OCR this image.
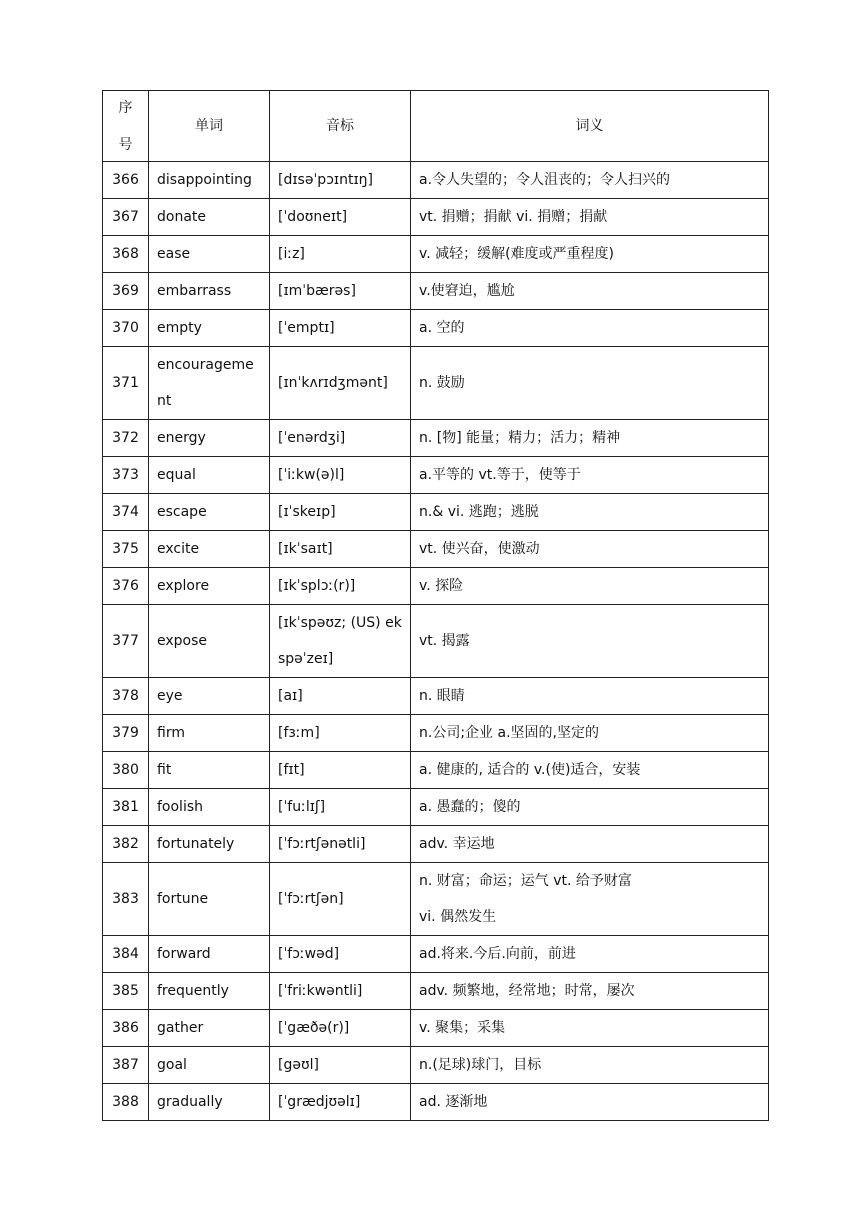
序

号	单词	音标	词义
366	disappointing	[dɪsəˈpɔɪntɪŋ]	a.令人失望的；令人沮丧的；令人扫兴的
367	donate	[ˈdoʊneɪt]	vt. 捐赠；捐献 vi. 捐赠；捐献
368	ease	[iːz]	v. 减轻；缓解(难度或严重程度)
369	embarrass	[ɪmˈbærəs]	v.使窘迫，尴尬
370	empty	[ˈemptɪ]	a. 空的
371	encouragement	[ɪnˈkʌrɪdʒmənt]	n. 鼓励
372	energy	[ˈenərdʒi]	n. [物] 能量；精力；活力；精神
373	equal	[ˈiːkw(ə)l]	a.平等的 vt.等于，使等于
374	escape	[ɪˈskeɪp]	n.& vi. 逃跑；逃脱
375	excite	[ɪkˈsaɪt]	vt. 使兴奋，使激动
376	explore	[ɪkˈsplɔː(r)]	v. 探险
377	expose	[ɪkˈspəʊz; (US) ekspəˈzeɪ]	vt. 揭露
378	eye	[aɪ]	n. 眼睛
379	firm	[fɜːm]	n.公司;企业 a.坚固的,坚定的
380	fit	[fɪt]	a. 健康的, 适合的 v.(使)适合，安装
381	foolish	[ˈfuːlɪʃ]	a. 愚蠢的；傻的
382	fortunately	[ˈfɔːrtʃənətli]	adv. 幸运地
383	fortune	[ˈfɔːrtʃən]	n. 财富；命运；运气 vt. 给予财富
vi. 偶然发生
384	forward	[ˈfɔːwəd]	ad.将来.今后.向前，前进
385	frequently	[ˈfriːkwəntli]	adv. 频繁地，经常地；时常，屡次
386	gather	[ˈgæðə(r)]	v. 聚集；采集
387	goal	[gəʊl]	n.(足球)球门，目标
388	gradually	[ˈgrædjʊəlɪ]	ad. 逐渐地
